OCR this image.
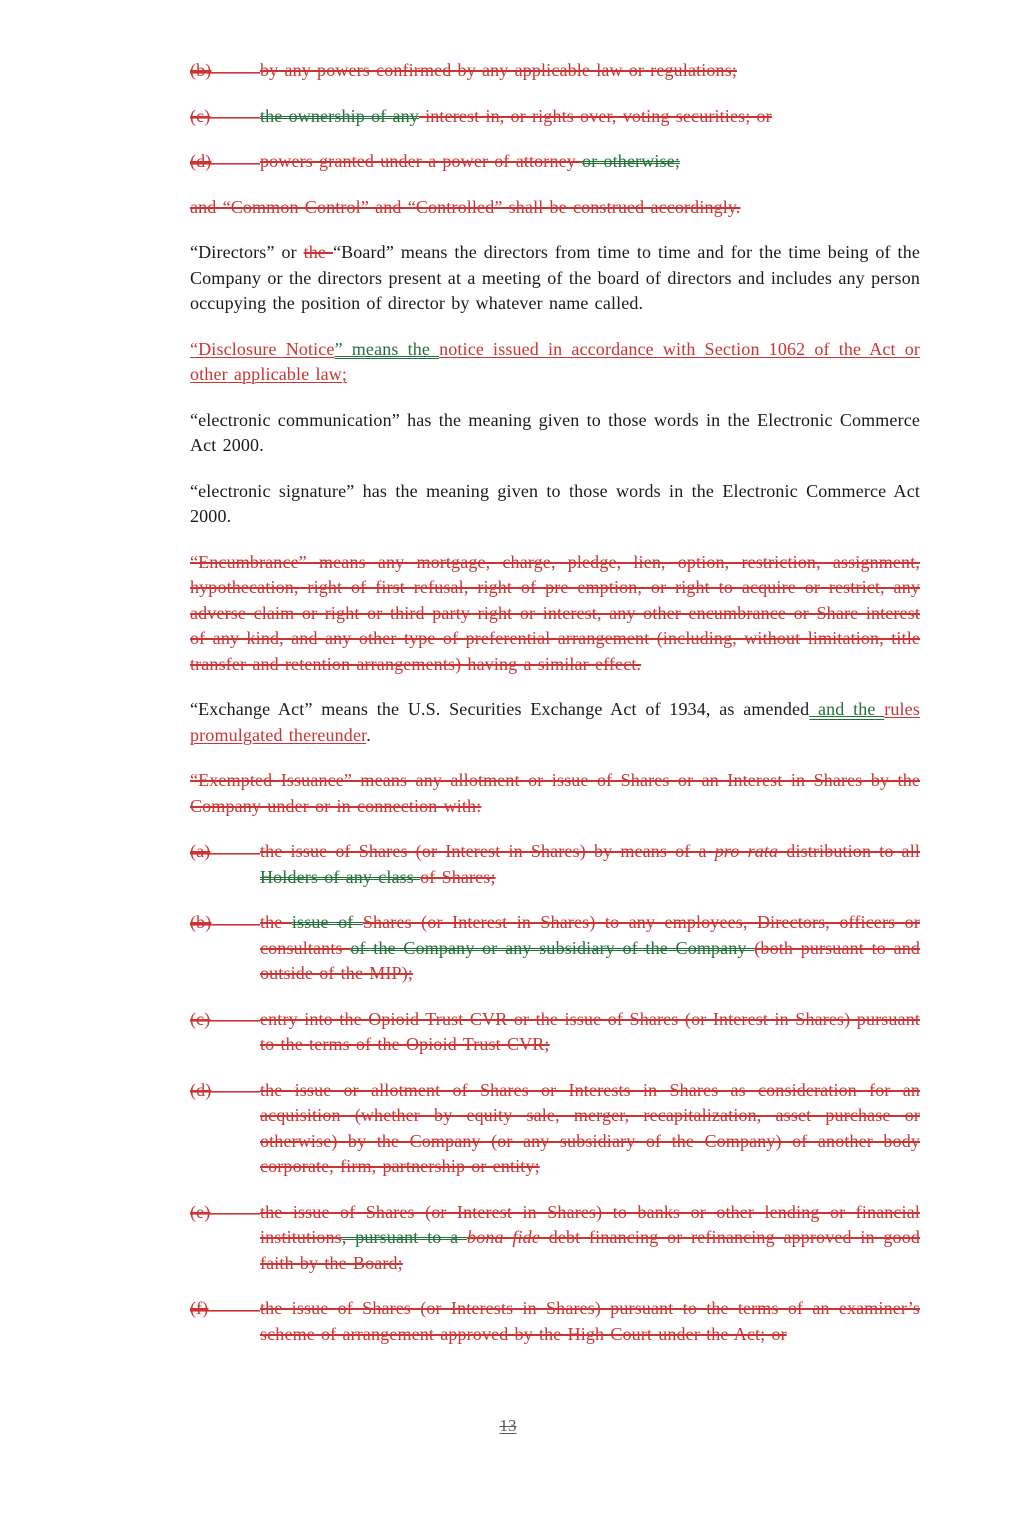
(b)	by any powers confirmed by any applicable law or regulations;
(c)	the ownership of any interest in, or rights over, voting securities; or
(d)	powers granted under a power of attorney or otherwise;
and “Common Control” and “Controlled” shall be construed accordingly.
“Directors” or the “Board” means the directors from time to time and for the time being of the Company or the directors present at a meeting of the board of directors and includes any person occupying the position of director by whatever name called.
“Disclosure Notice” means the notice issued in accordance with Section 1062 of the Act or other applicable law;
“electronic communication” has the meaning given to those words in the Electronic Commerce Act 2000.
“electronic signature” has the meaning given to those words in the Electronic Commerce Act 2000.
“Encumbrance” means any mortgage, charge, pledge, lien, option, restriction, assignment, hypothecation, right of first refusal, right of pre emption, or right to acquire or restrict, any adverse claim or right or third party right or interest, any other encumbrance or Share interest of any kind, and any other type of preferential arrangement (including, without limitation, title transfer and retention arrangements) having a similar effect.
“Exchange Act” means the U.S. Securities Exchange Act of 1934, as amended and the rules promulgated thereunder.
“Exempted Issuance” means any allotment or issue of Shares or an Interest in Shares by the Company under or in connection with:
(a)	the issue of Shares (or Interest in Shares) by means of a pro rata distribution to all Holders of any class of Shares;
(b)	the issue of Shares (or Interest in Shares) to any employees, Directors, officers or consultants of the Company or any subsidiary of the Company (both pursuant to and outside of the MIP);
(c)	entry into the Opioid Trust CVR or the issue of Shares (or Interest in Shares) pursuant to the terms of the Opioid Trust CVR;
(d)	the issue or allotment of Shares or Interests in Shares as consideration for an acquisition (whether by equity sale, merger, recapitalization, asset purchase or otherwise) by the Company (or any subsidiary of the Company) of another body corporate, firm, partnership or entity;
(e)	the issue of Shares (or Interest in Shares) to banks or other lending or financial institutions, pursuant to a bona fide debt financing or refinancing approved in good faith by the Board;
(f)	the issue of Shares (or Interests in Shares) pursuant to the terms of an examiner’s scheme of arrangement approved by the High Court under the Act; or
13
